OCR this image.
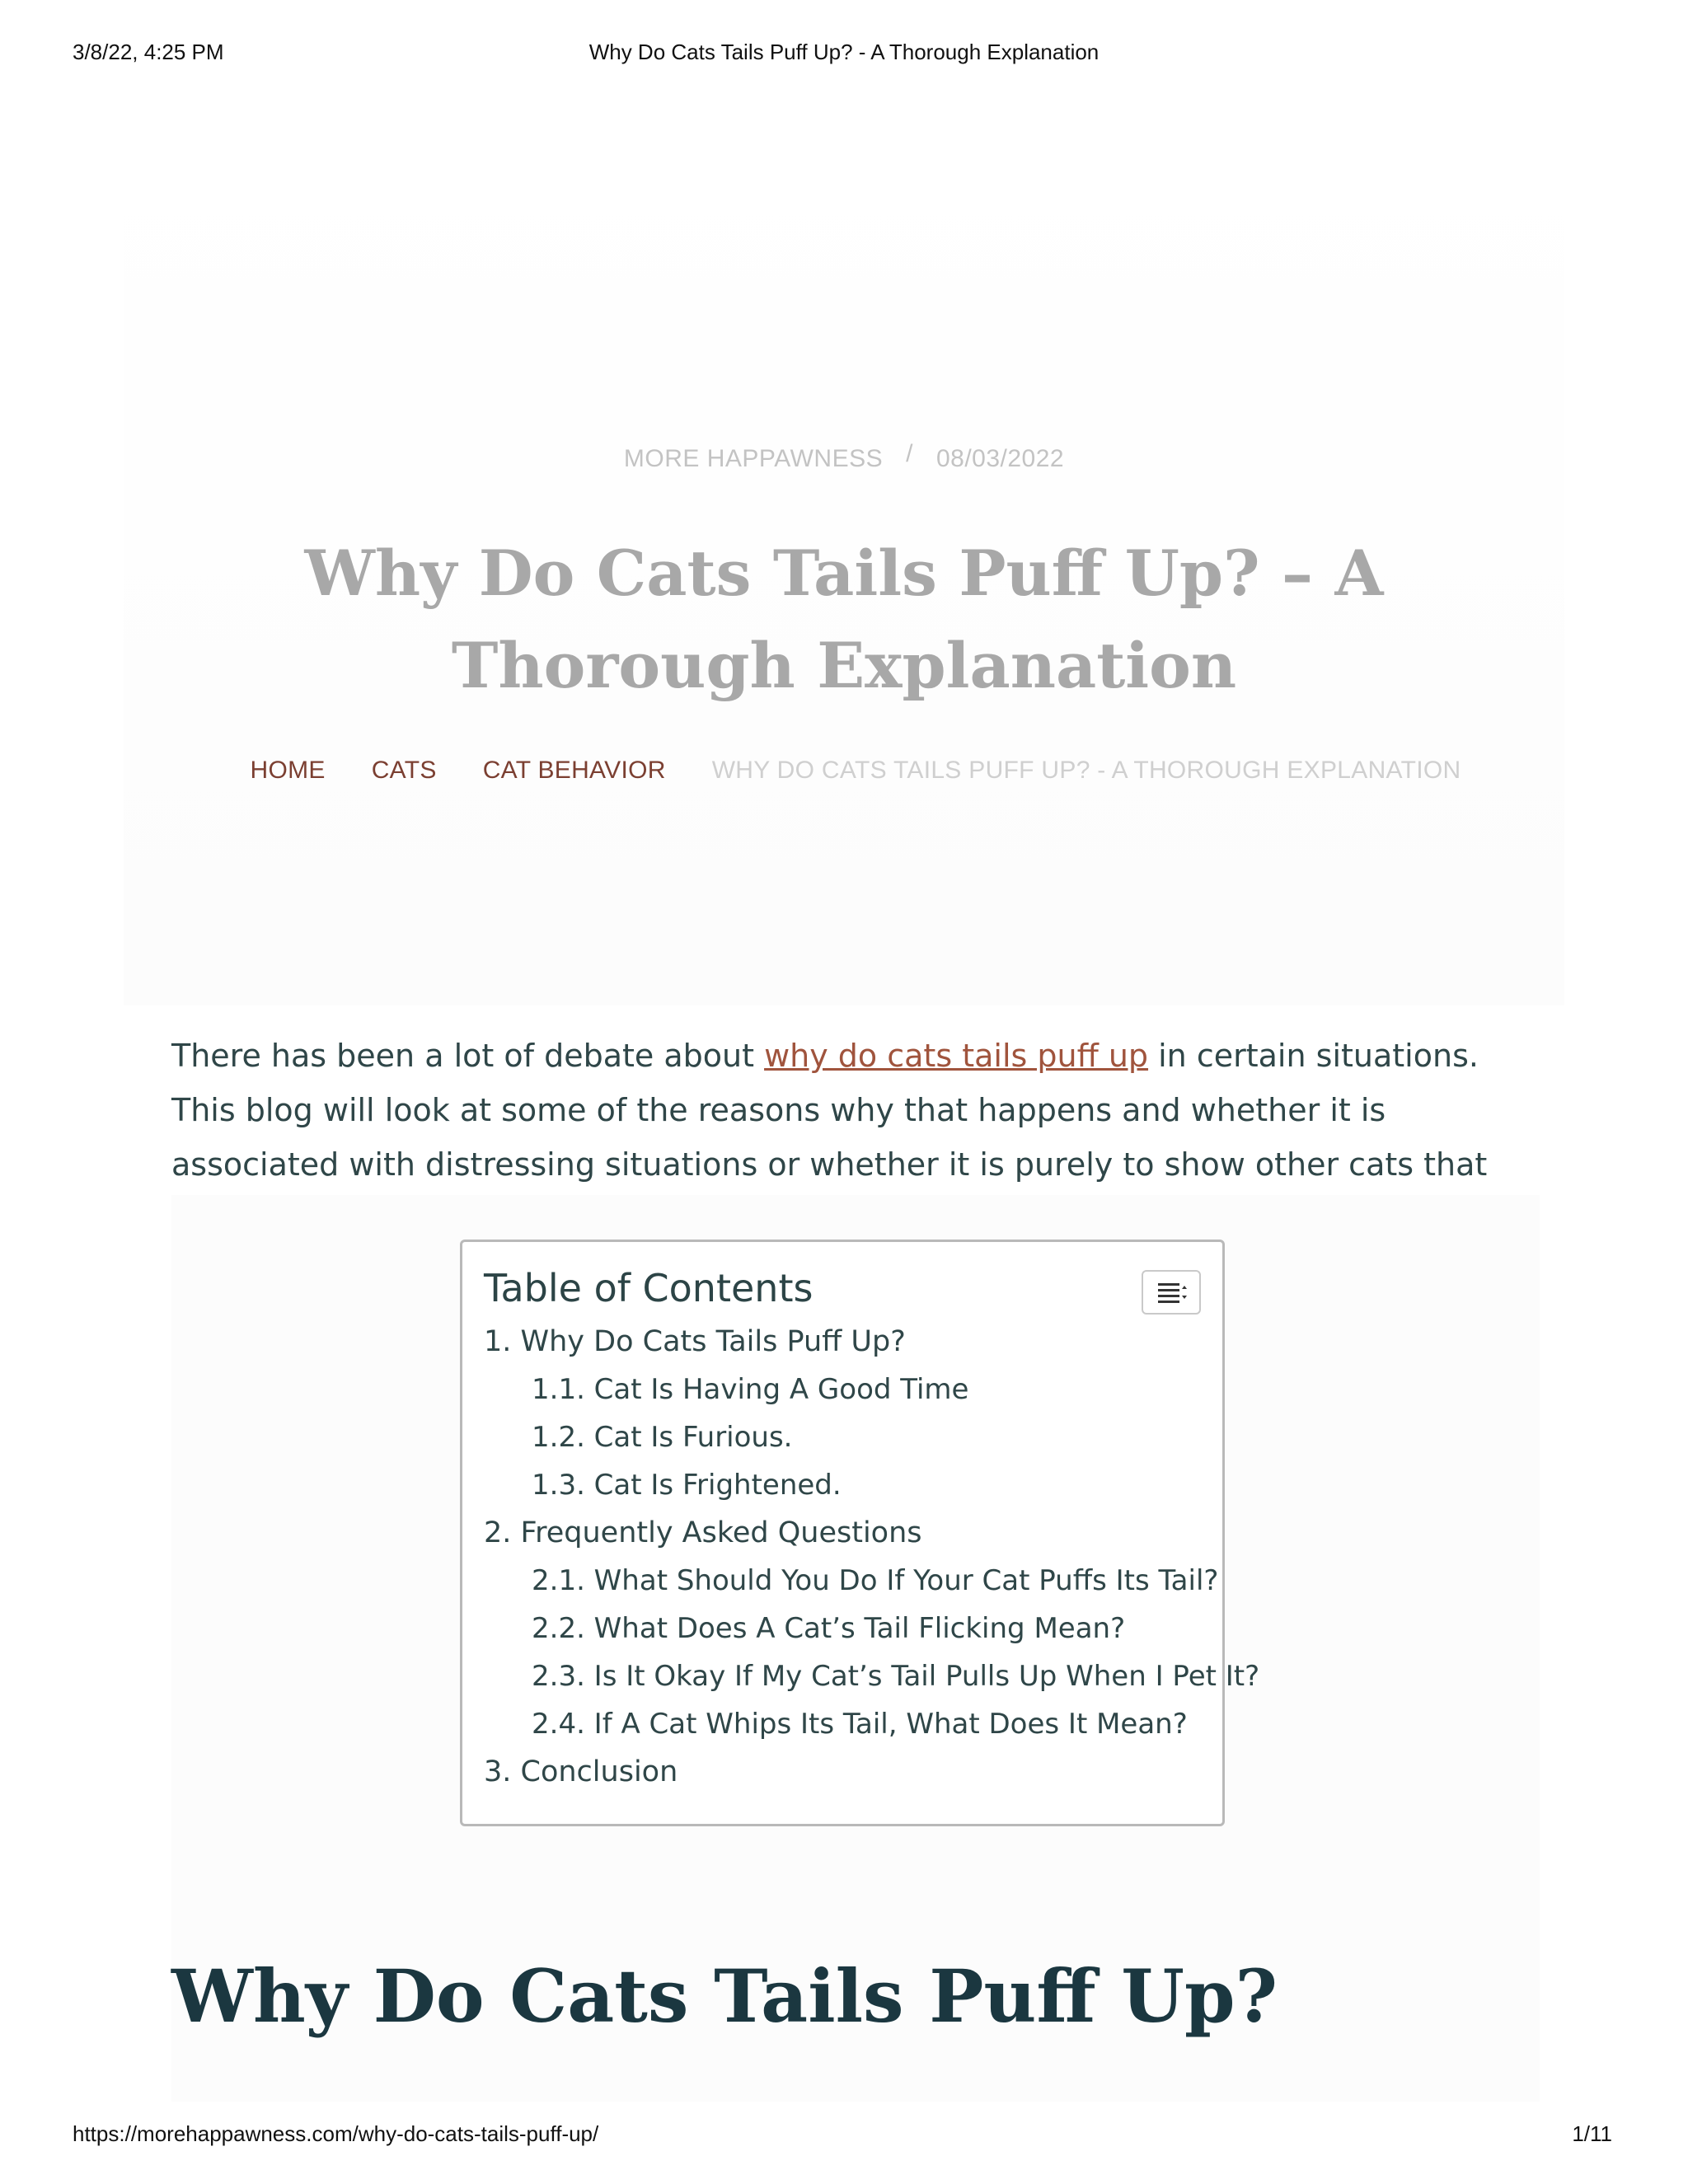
3/8/22, 4:25 PM	Why Do Cats Tails Puff Up? - A Thorough Explanation
MORE HAPPAWNESS / 08/03/2022
Why Do Cats Tails Puff Up? – A Thorough Explanation
HOME CATS CAT BEHAVIOR WHY DO CATS TAILS PUFF UP? - A THOROUGH EXPLANATION

There has been a lot of debate about why do cats tails puff up in certain situations. This blog will look at some of the reasons why that happens and whether it is associated with distressing situations or whether it is purely to show other cats that

Table of Contents

1. Why Do Cats Tails Puff Up?
1.1. Cat Is Having A Good Time
1.2. Cat Is Furious.
1.3. Cat Is Frightened.
2. Frequently Asked Questions
2.1. What Should You Do If Your Cat Puffs Its Tail?
2.2. What Does A Cat’s Tail Flicking Mean?
2.3. Is It Okay If My Cat’s Tail Pulls Up When I Pet It?
2.4. If A Cat Whips Its Tail, What Does It Mean?
3. Conclusion
Why Do Cats Tails Puff Up?
https://morehappawness.com/why-do-cats-tails-puff-up/	1/11
